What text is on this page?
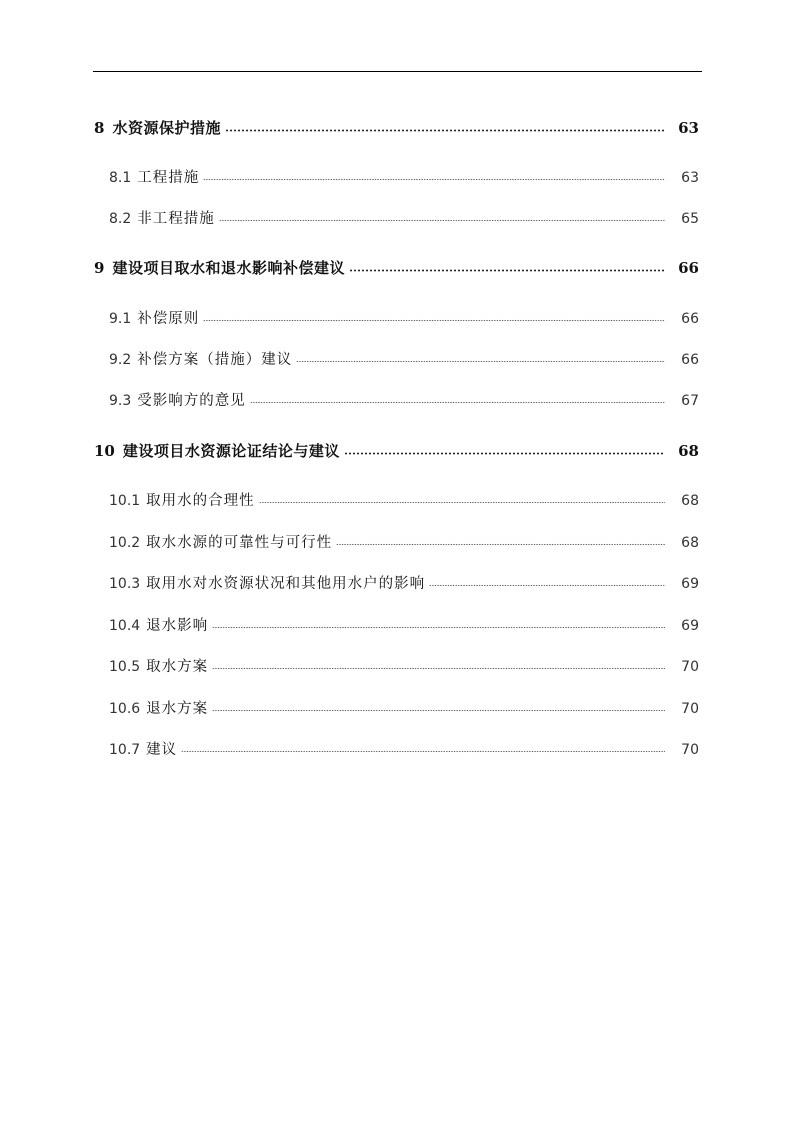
8 水资源保护措施	63
8.1 工程措施	63
8.2 非工程措施	65
9 建设项目取水和退水影响补偿建议	66
9.1 补偿原则	66
9.2 补偿方案（措施）建议	66
9.3 受影响方的意见	67
10 建设项目水资源论证结论与建议	68
10.1 取用水的合理性	68
10.2 取水水源的可靠性与可行性	68
10.3 取用水对水资源状况和其他用水户的影响	69
10.4 退水影响	69
10.5 取水方案	70
10.6 退水方案	70
10.7 建议	70
